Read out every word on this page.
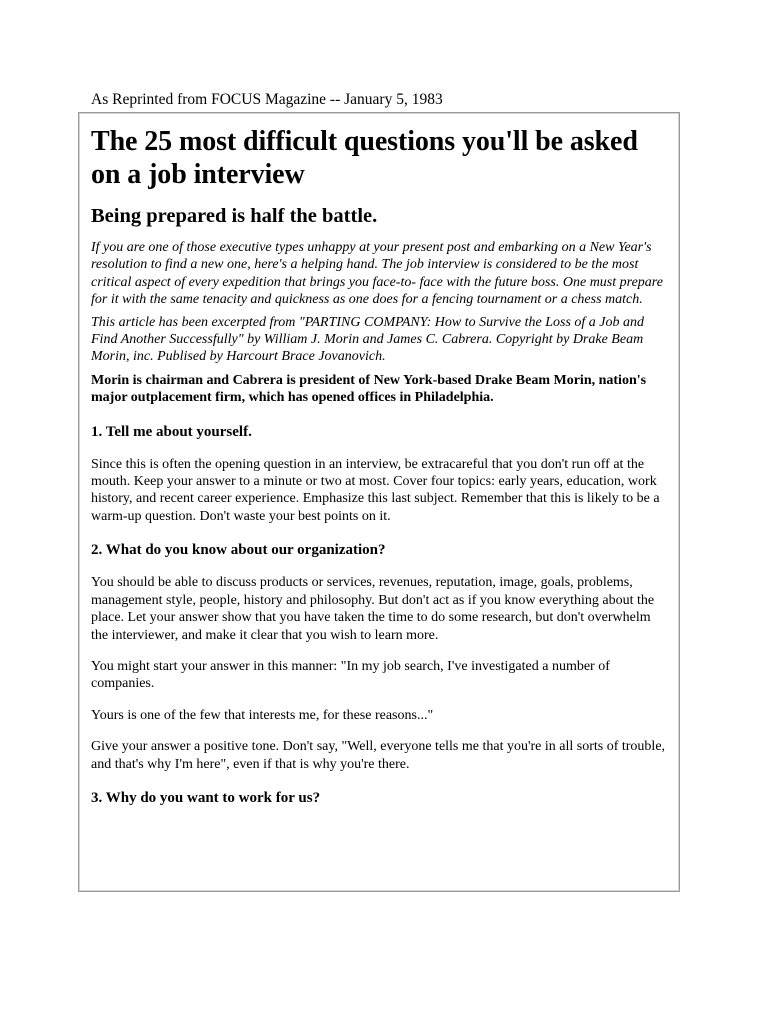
As Reprinted from FOCUS Magazine -- January 5, 1983
The 25 most difficult questions you'll be asked on a job interview
Being prepared is half the battle.

If you are one of those executive types unhappy at your present post and embarking on a New Year's resolution to find a new one, here's a helping hand. The job interview is considered to be the most critical aspect of every expedition that brings you face-to- face with the future boss. One must prepare for it with the same tenacity and quickness as one does for a fencing tournament or a chess match.

This article has been excerpted from "PARTING COMPANY: How to Survive the Loss of a Job and Find Another Successfully" by William J. Morin and James C. Cabrera. Copyright by Drake Beam Morin, inc. Publised by Harcourt Brace Jovanovich.

Morin is chairman and Cabrera is president of New York-based Drake Beam Morin, nation's major outplacement firm, which has opened offices in Philadelphia.

1. Tell me about yourself.

Since this is often the opening question in an interview, be extracareful that you don't run off at the mouth. Keep your answer to a minute or two at most. Cover four topics: early years, education, work history, and recent career experience. Emphasize this last subject. Remember that this is likely to be a warm-up question. Don't waste your best points on it.

2. What do you know about our organization?

You should be able to discuss products or services, revenues, reputation, image, goals, problems, management style, people, history and philosophy. But don't act as if you know everything about the place. Let your answer show that you have taken the time to do some research, but don't overwhelm the interviewer, and make it clear that you wish to learn more.

You might start your answer in this manner: "In my job search, I've investigated a number of companies.

Yours is one of the few that interests me, for these reasons..."

Give your answer a positive tone. Don't say, "Well, everyone tells me that you're in all sorts of trouble, and that's why I'm here", even if that is why you're there.

3. Why do you want to work for us?
